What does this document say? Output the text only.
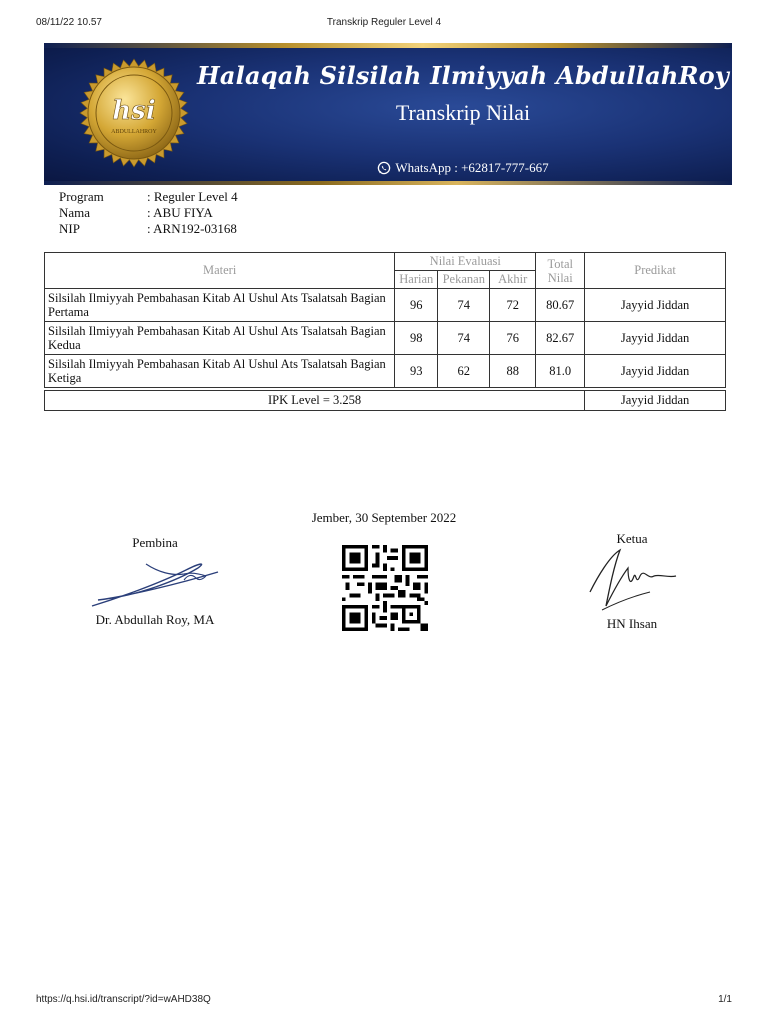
08/11/22 10.57	Transkrip Reguler Level 4
hsi
ABDULLAHROY
Halaqah Silsilah Ilmiyyah AbdullahRoy
Transkrip Nilai
WhatsApp : +62817-777-667
Program	: Reguler Level 4
Nama	: ABU FIYA
NIP	: ARN192-03168
Materi	Nilai Evaluasi			Total
Nilai	Predikat
	Harian	Pekanan	Akhir		
Silsilah Ilmiyyah Pembahasan Kitab Al Ushul Ats Tsalatsah Bagian Pertama	96	74	72	80.67	Jayyid Jiddan
Silsilah Ilmiyyah Pembahasan Kitab Al Ushul Ats Tsalatsah Bagian Kedua	98	74	76	82.67	Jayyid Jiddan
Silsilah Ilmiyyah Pembahasan Kitab Al Ushul Ats Tsalatsah Bagian Ketiga	93	62	88	81.0	Jayyid Jiddan

IPK Level = 3.258					Jayyid Jiddan
Jember, 30 September 2022
Pembina
Dr. Abdullah Roy, MA
Ketua
HN Ihsan
https://q.hsi.id/transcript/?id=wAHD38Q	1/1
